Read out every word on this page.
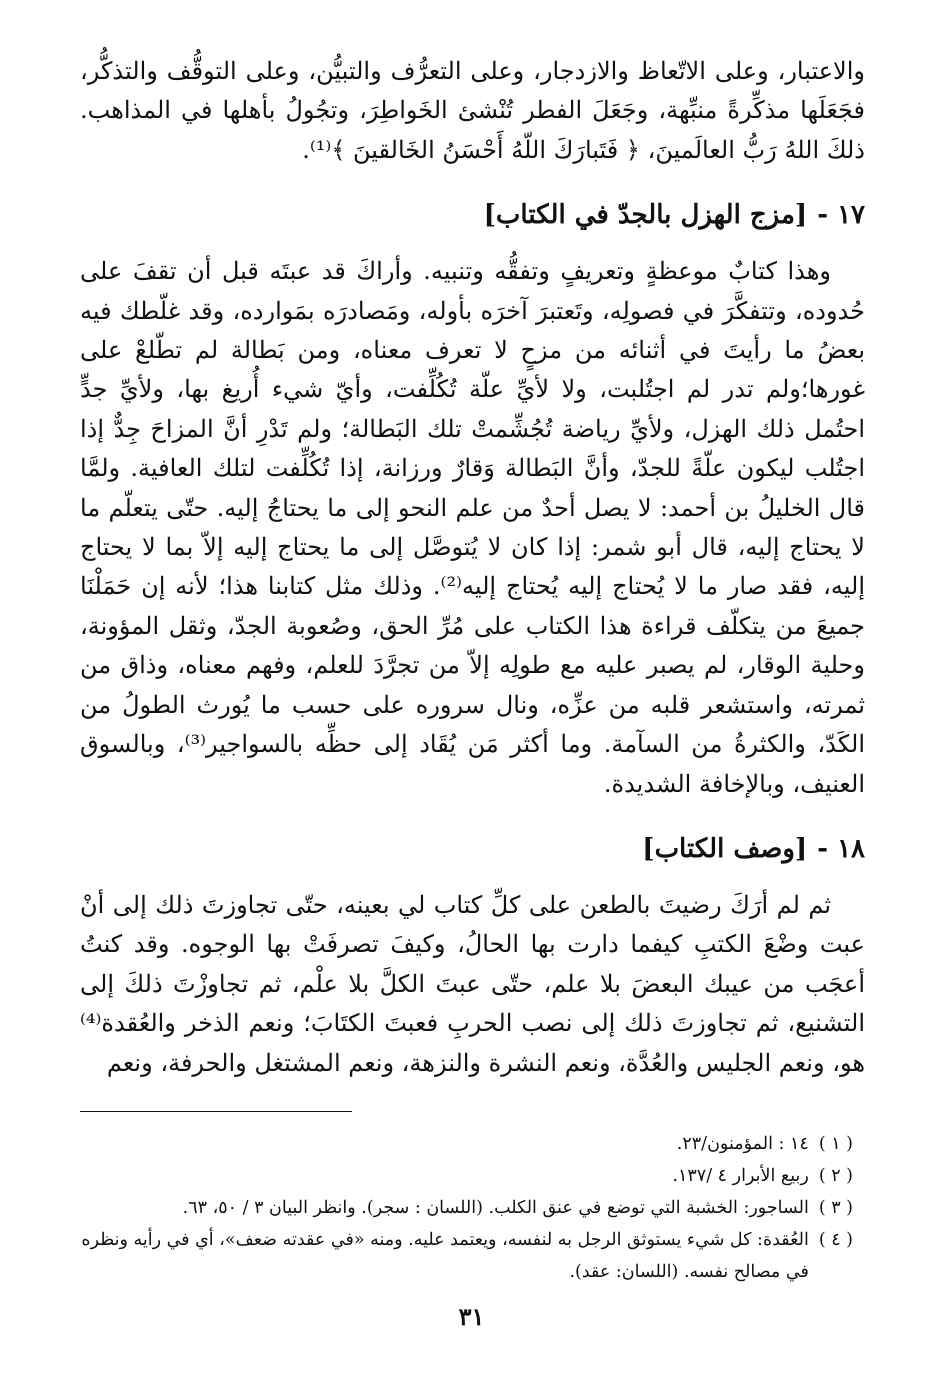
والاعتبار، وعلى الاتّعاظ والازدجار، وعلى التعرُّف والتبيُّن، وعلى التوقُّف والتذكُّر، فجَعَلَها مذكِّرةً منبِّهة، وجَعَلَ الفطر تُنْشئ الخَواطِرَ، وتجُولُ بأهلها في المذاهب. ذلكَ اللهُ رَبُّ العالَمينَ، ﴿ فَتَبارَكَ اللّهُ أَحْسَنُ الخَالقينَ ﴾⁽¹⁾.

١٧ -
[مزج الهزل بالجدّ في الكتاب]

وهذا كتابٌ موعظةٍ وتعريفٍ وتفقُّه وتنبيه. وأراكَ قد عبتَه قبل أن تقفَ على حُدوده، وتتفكَّرَ في فصولِه، وتَعتبرَ آخرَه بأوله، ومَصادرَه بمَوارده، وقد غلّطك فيه بعضُ ما رأيتَ في أثنائه من مزحٍ لا تعرف معناه، ومن بَطالة لم تطّلعْ على غورها؛ولم تدر لم اجتُلبت، ولا لأيِّ علّة تُكُلِّفت، وأيّ شيء أُريغ بها، ولأيِّ جدٍّ احتُمل ذلك الهزل، ولأيِّ رياضة تُجُشِّمتْ تلك البَطالة؛ ولم تَدْرِ أنَّ المزاحَ جِدٌّ إذا اجتُلب ليكون علّةً للجدّ، وأنَّ البَطالة وَقارٌ ورزانة، إذا تُكُلِّفت لتلك العافية. ولمَّا قال الخليلُ بن أحمد: لا يصل أحدٌ من علم النحو إلى ما يحتاجُ إليه. حتّى يتعلّم ما لا يحتاج إليه، قال أبو شمر: إذا كان لا يُتوصَّل إلى ما يحتاج إليه إلاّ بما لا يحتاج إليه، فقد صار ما لا يُحتاج إليه يُحتاج إليه⁽²⁾. وذلك مثل كتابنا هذا؛ لأنه إن حَمَلْنَا جميعَ من يتكلّف قراءة هذا الكتاب على مُرِّ الحق، وصُعوبة الجدّ، وثقل المؤونة، وحلية الوقار، لم يصبر عليه مع طولِه إلاّ من تجرَّدَ للعلم، وفهم معناه، وذاق من ثمرته، واستشعر قلبه من عزِّه، ونال سروره على حسب ما يُورث الطولُ من الكَدّ، والكثرةُ من السآمة. وما أكثر مَن يُقَاد إلى حظِّه بالسواجير⁽³⁾، وبالسوق العنيف، وبالإخافة الشديدة.

١٨ -
[وصف الكتاب]

ثم لم أرَكَ رضيتَ بالطعن على كلِّ كتاب لي بعينه، حتّى تجاوزتَ ذلك إلى أنْ عبت وضْعَ الكتبِ كيفما دارت بها الحالُ، وكيفَ تصرفَتْ بها الوجوه. وقد كنتُ أعجَب من عيبك البعضَ بلا علم، حتّى عبتَ الكلَّ بلا علْم، ثم تجاوزْتَ ذلكَ إلى التشنيع، ثم تجاوزتَ ذلك إلى نصب الحربِ فعبتَ الكتَابَ؛ ونعم الذخر والعُقدة⁽⁴⁾ هو، ونعم الجليس والعُدَّة، ونعم النشرة والنزهة، ونعم المشتغل والحرفة، ونعم

( ١ )
١٤ : المؤمنون/٢٣.
( ٢ )
ربيع الأبرار ٤ /١٣٧.
( ٣ )
الساجور: الخشبة التي توضع في عنق الكلب. (اللسان : سجر). وانظر البيان ٣ / ٥٠، ٦٣.
( ٤ )
العُقدة: كل شيء يستوثق الرجل به لنفسه، ويعتمد عليه. ومنه «في عقدته ضعف»، أي في رأيه ونظره في مصالح نفسه. (اللسان: عقد).
٣١
